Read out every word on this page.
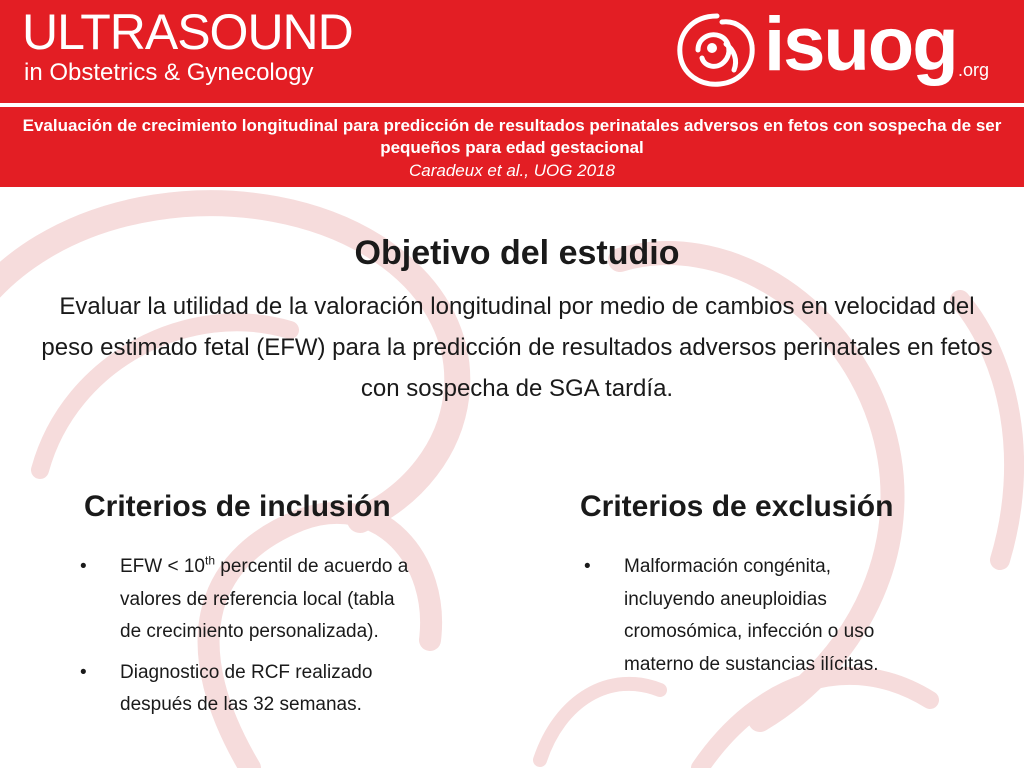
ULTRASOUND

in Obstetrics & Gynecology	isuog .org

Evaluación de crecimiento longitudinal para predicción de resultados perinatales adversos en fetos con sospecha de ser pequeños para edad gestacional

Caradeux et al., UOG 2018

Objetivo del estudio

Evaluar la utilidad de la valoración longitudinal por medio de cambios en velocidad del peso estimado fetal (EFW) para la predicción de resultados adversos perinatales en fetos con sospecha de SGA tardía.

Criterios de inclusión
• EFW < 10th percentil de acuerdo a valores de referencia local (tabla de crecimiento personalizada).
• Diagnostico de RCF realizado después de las 32 semanas.
Criterios de exclusión
• Malformación congénita, incluyendo aneuploidias cromosómica, infección o uso materno de sustancias ilícitas.
